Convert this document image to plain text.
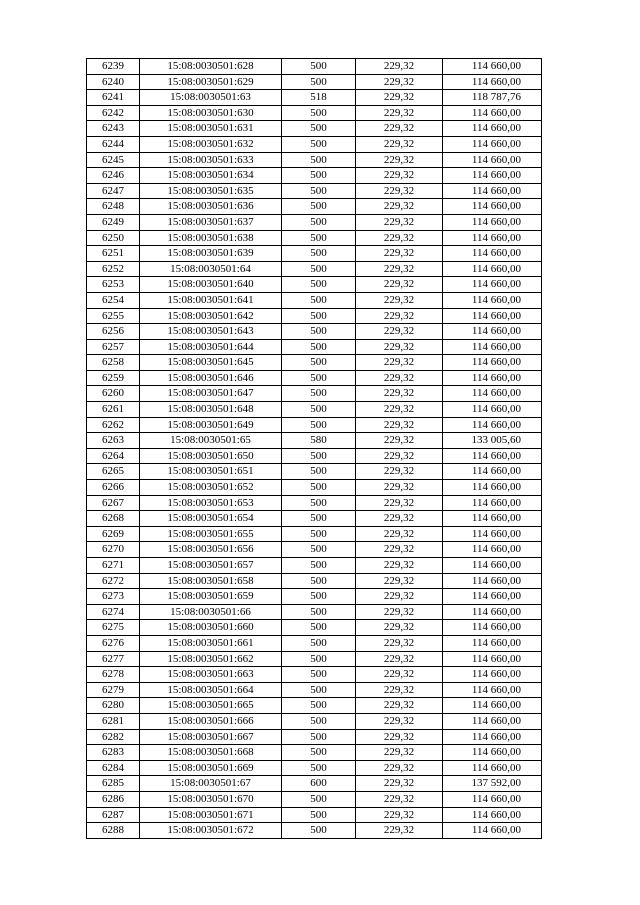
6239	15:08:0030501:628	500	229,32	114 660,00
6240	15:08:0030501:629	500	229,32	114 660,00
6241	15:08:0030501:63	518	229,32	118 787,76
6242	15:08:0030501:630	500	229,32	114 660,00
6243	15:08:0030501:631	500	229,32	114 660,00
6244	15:08:0030501:632	500	229,32	114 660,00
6245	15:08:0030501:633	500	229,32	114 660,00
6246	15:08:0030501:634	500	229,32	114 660,00
6247	15:08:0030501:635	500	229,32	114 660,00
6248	15:08:0030501:636	500	229,32	114 660,00
6249	15:08:0030501:637	500	229,32	114 660,00
6250	15:08:0030501:638	500	229,32	114 660,00
6251	15:08:0030501:639	500	229,32	114 660,00
6252	15:08:0030501:64	500	229,32	114 660,00
6253	15:08:0030501:640	500	229,32	114 660,00
6254	15:08:0030501:641	500	229,32	114 660,00
6255	15:08:0030501:642	500	229,32	114 660,00
6256	15:08:0030501:643	500	229,32	114 660,00
6257	15:08:0030501:644	500	229,32	114 660,00
6258	15:08:0030501:645	500	229,32	114 660,00
6259	15:08:0030501:646	500	229,32	114 660,00
6260	15:08:0030501:647	500	229,32	114 660,00
6261	15:08:0030501:648	500	229,32	114 660,00
6262	15:08:0030501:649	500	229,32	114 660,00
6263	15:08:0030501:65	580	229,32	133 005,60
6264	15:08:0030501:650	500	229,32	114 660,00
6265	15:08:0030501:651	500	229,32	114 660,00
6266	15:08:0030501:652	500	229,32	114 660,00
6267	15:08:0030501:653	500	229,32	114 660,00
6268	15:08:0030501:654	500	229,32	114 660,00
6269	15:08:0030501:655	500	229,32	114 660,00
6270	15:08:0030501:656	500	229,32	114 660,00
6271	15:08:0030501:657	500	229,32	114 660,00
6272	15:08:0030501:658	500	229,32	114 660,00
6273	15:08:0030501:659	500	229,32	114 660,00
6274	15:08:0030501:66	500	229,32	114 660,00
6275	15:08:0030501:660	500	229,32	114 660,00
6276	15:08:0030501:661	500	229,32	114 660,00
6277	15:08:0030501:662	500	229,32	114 660,00
6278	15:08:0030501:663	500	229,32	114 660,00
6279	15:08:0030501:664	500	229,32	114 660,00
6280	15:08:0030501:665	500	229,32	114 660,00
6281	15:08:0030501:666	500	229,32	114 660,00
6282	15:08:0030501:667	500	229,32	114 660,00
6283	15:08:0030501:668	500	229,32	114 660,00
6284	15:08:0030501:669	500	229,32	114 660,00
6285	15:08:0030501:67	600	229,32	137 592,00
6286	15:08:0030501:670	500	229,32	114 660,00
6287	15:08:0030501:671	500	229,32	114 660,00
6288	15:08:0030501:672	500	229,32	114 660,00
